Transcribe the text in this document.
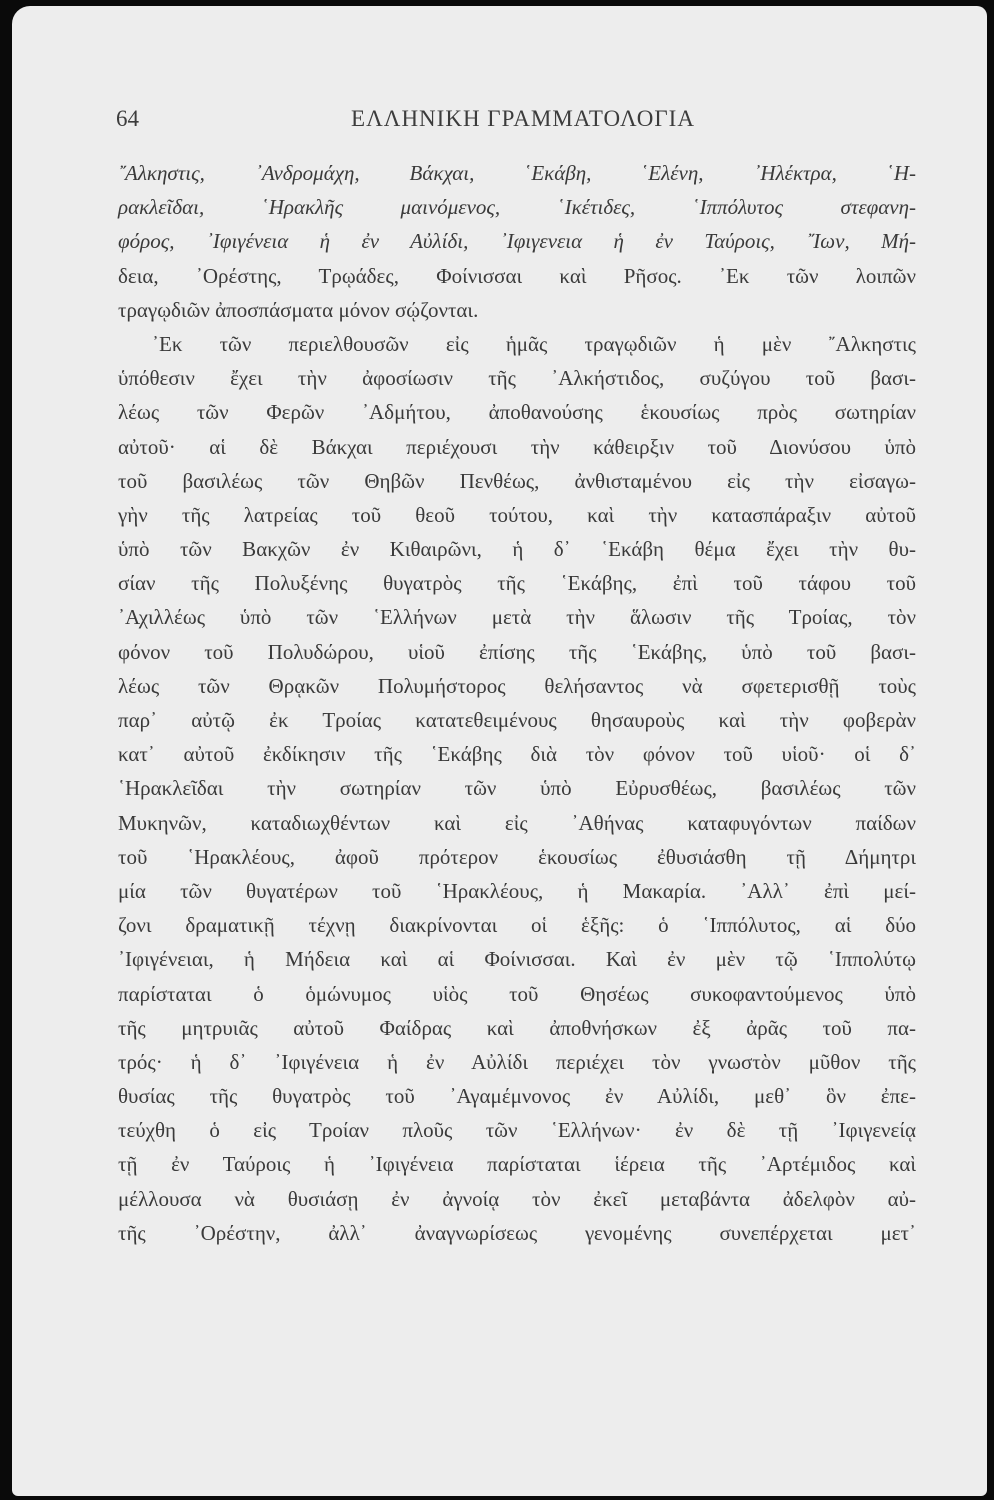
64	ΕΛΛΗΝΙΚΗ ΓΡΑΜΜΑΤΟΛΟΓΙΑ
῎Αλκηστις, ᾽Ανδρομάχη, Βάκχαι, ῾Εκάβη, ῾Ελένη, ᾽Ηλέκτρα, ῾Η-
ρακλεῖδαι, ῾Ηρακλῆς μαινόμενος, ῾Ικέτιδες, ῾Ιππόλυτος στεφανη-
φόρος, ᾽Ιφιγένεια ἡ ἐν Αὐλίδι, ᾽Ιφιγενεια ἡ ἐν Ταύροις, ῎Ιων, Μή-
δεια, ᾽Ορέστης, Τρῳάδες, Φοίνισσαι καὶ Ρῆσος. ᾽Εκ τῶν λοιπῶν
τραγῳδιῶν ἀποσπάσματα μόνον σῴζονται.
᾽Εκ τῶν περιελθουσῶν εἰς ἡμᾶς τραγῳδιῶν ἡ μὲν ῎Αλκηστις
ὑπόθεσιν ἔχει τὴν ἀφοσίωσιν τῆς ᾽Αλκήστιδος, συζύγου τοῦ βασι-
λέως τῶν Φερῶν ᾽Αδμήτου, ἀποθανούσης ἑκουσίως πρὸς σωτηρίαν
αὐτοῦ· αἱ δὲ Βάκχαι περιέχουσι τὴν κάθειρξιν τοῦ Διονύσου ὑπὸ
τοῦ βασιλέως τῶν Θηβῶν Πενθέως, ἀνθισταμένου εἰς τὴν εἰσαγω-
γὴν τῆς λατρείας τοῦ θεοῦ τούτου, καὶ τὴν κατασπάραξιν αὐτοῦ
ὑπὸ τῶν Βακχῶν ἐν Κιθαιρῶνι, ἡ δ᾽ ῾Εκάβη θέμα ἔχει τὴν θυ-
σίαν τῆς Πολυξένης θυγατρὸς τῆς ῾Εκάβης, ἐπὶ τοῦ τάφου τοῦ
᾽Αχιλλέως ὑπὸ τῶν ῾Ελλήνων μετὰ τὴν ἅλωσιν τῆς Τροίας, τὸν
φόνον τοῦ Πολυδώρου, υἱοῦ ἐπίσης τῆς ῾Εκάβης, ὑπὸ τοῦ βασι-
λέως τῶν Θρᾳκῶν Πολυμήστορος θελήσαντος νὰ σφετερισθῇ τοὺς
παρ᾽ αὐτῷ ἐκ Τροίας κατατεθειμένους θησαυροὺς καὶ τὴν φοβερὰν
κατ᾽ αὐτοῦ ἐκδίκησιν τῆς ῾Εκάβης διὰ τὸν φόνον τοῦ υἱοῦ· οἱ δ᾽
῾Ηρακλεῖδαι τὴν σωτηρίαν τῶν ὑπὸ Εὐρυσθέως, βασιλέως τῶν
Μυκηνῶν, καταδιωχθέντων καὶ εἰς ᾽Αθήνας καταφυγόντων παίδων
τοῦ ῾Ηρακλέους, ἀφοῦ πρότερον ἑκουσίως ἐθυσιάσθη τῇ Δήμητρι
μία τῶν θυγατέρων τοῦ ῾Ηρακλέους, ἡ Μακαρία. ᾽Αλλ᾽ ἐπὶ μεί-
ζονι δραματικῇ τέχνῃ διακρίνονται οἱ ἑξῆς: ὁ ῾Ιππόλυτος, αἱ δύο
᾽Ιφιγένειαι, ἡ Μήδεια καὶ αἱ Φοίνισσαι. Καὶ ἐν μὲν τῷ ῾Ιππολύτῳ
παρίσταται ὁ ὁμώνυμος υἱὸς τοῦ Θησέως συκοφαντούμενος ὑπὸ
τῆς μητρυιᾶς αὐτοῦ Φαίδρας καὶ ἀποθνήσκων ἐξ ἀρᾶς τοῦ πα-
τρός· ἡ δ᾽ ᾽Ιφιγένεια ἡ ἐν Αὐλίδι περιέχει τὸν γνωστὸν μῦθον τῆς
θυσίας τῆς θυγατρὸς τοῦ ᾽Αγαμέμνονος ἐν Αὐλίδι, μεθ᾽ ὃν ἐπε-
τεύχθη ὁ εἰς Τροίαν πλοῦς τῶν ῾Ελλήνων· ἐν δὲ τῇ ᾽Ιφιγενείᾳ
τῇ ἐν Ταύροις ἡ ᾽Ιφιγένεια παρίσταται ἱέρεια τῆς ᾽Αρτέμιδος καὶ
μέλλουσα νὰ θυσιάσῃ ἐν ἀγνοίᾳ τὸν ἐκεῖ μεταβάντα ἀδελφὸν αὐ-
τῆς ᾽Ορέστην, ἀλλ᾽ ἀναγνωρίσεως γενομένης συνεπέρχεται μετ᾽
